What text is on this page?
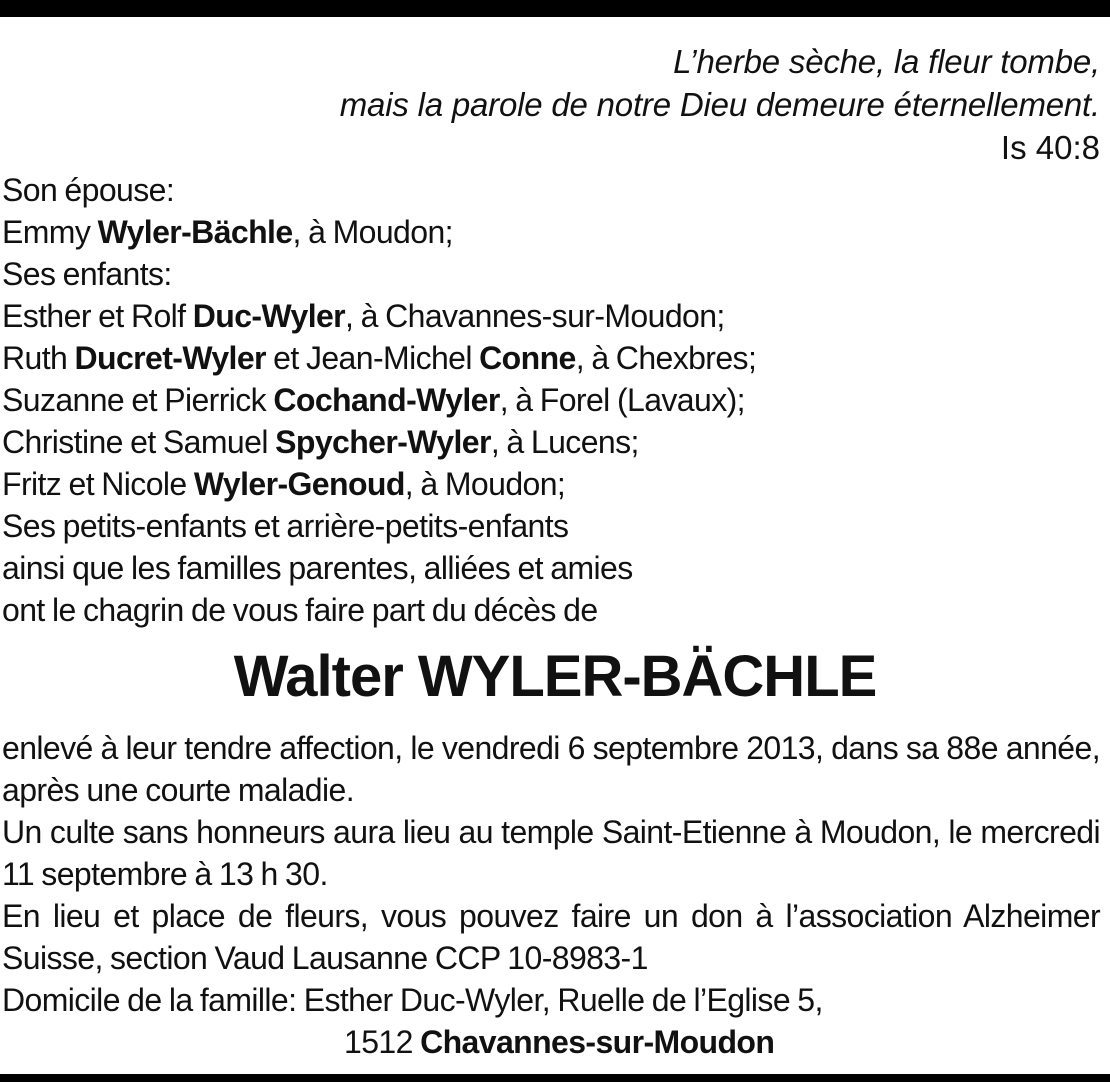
L’herbe sèche, la fleur tombe,
mais la parole de notre Dieu demeure éternellement.
Is 40:8
Son épouse:
Emmy Wyler-Bächle, à Moudon;
Ses enfants:
Esther et Rolf Duc-Wyler, à Chavannes-sur-Moudon;
Ruth Ducret-Wyler et Jean-Michel Conne, à Chexbres;
Suzanne et Pierrick Cochand-Wyler, à Forel (Lavaux);
Christine et Samuel Spycher-Wyler, à Lucens;
Fritz et Nicole Wyler-Genoud, à Moudon;
Ses petits-enfants et arrière-petits-enfants
ainsi que les familles parentes, alliées et amies
ont le chagrin de vous faire part du décès de
Walter WYLER-BÄCHLE

enlevé à leur tendre affection, le vendredi 6 septembre 2013, dans sa 88e année, après une courte maladie.

Un culte sans honneurs aura lieu au temple Saint-Etienne à Moudon, le mercredi 11 septembre à 13 h 30.

En lieu et place de fleurs, vous pouvez faire un don à l’association Alzheimer Suisse, section Vaud Lausanne CCP 10-8983-1

Domicile de la famille: Esther Duc-Wyler, Ruelle de l’Eglise 5,

1512 Chavannes-sur-Moudon
